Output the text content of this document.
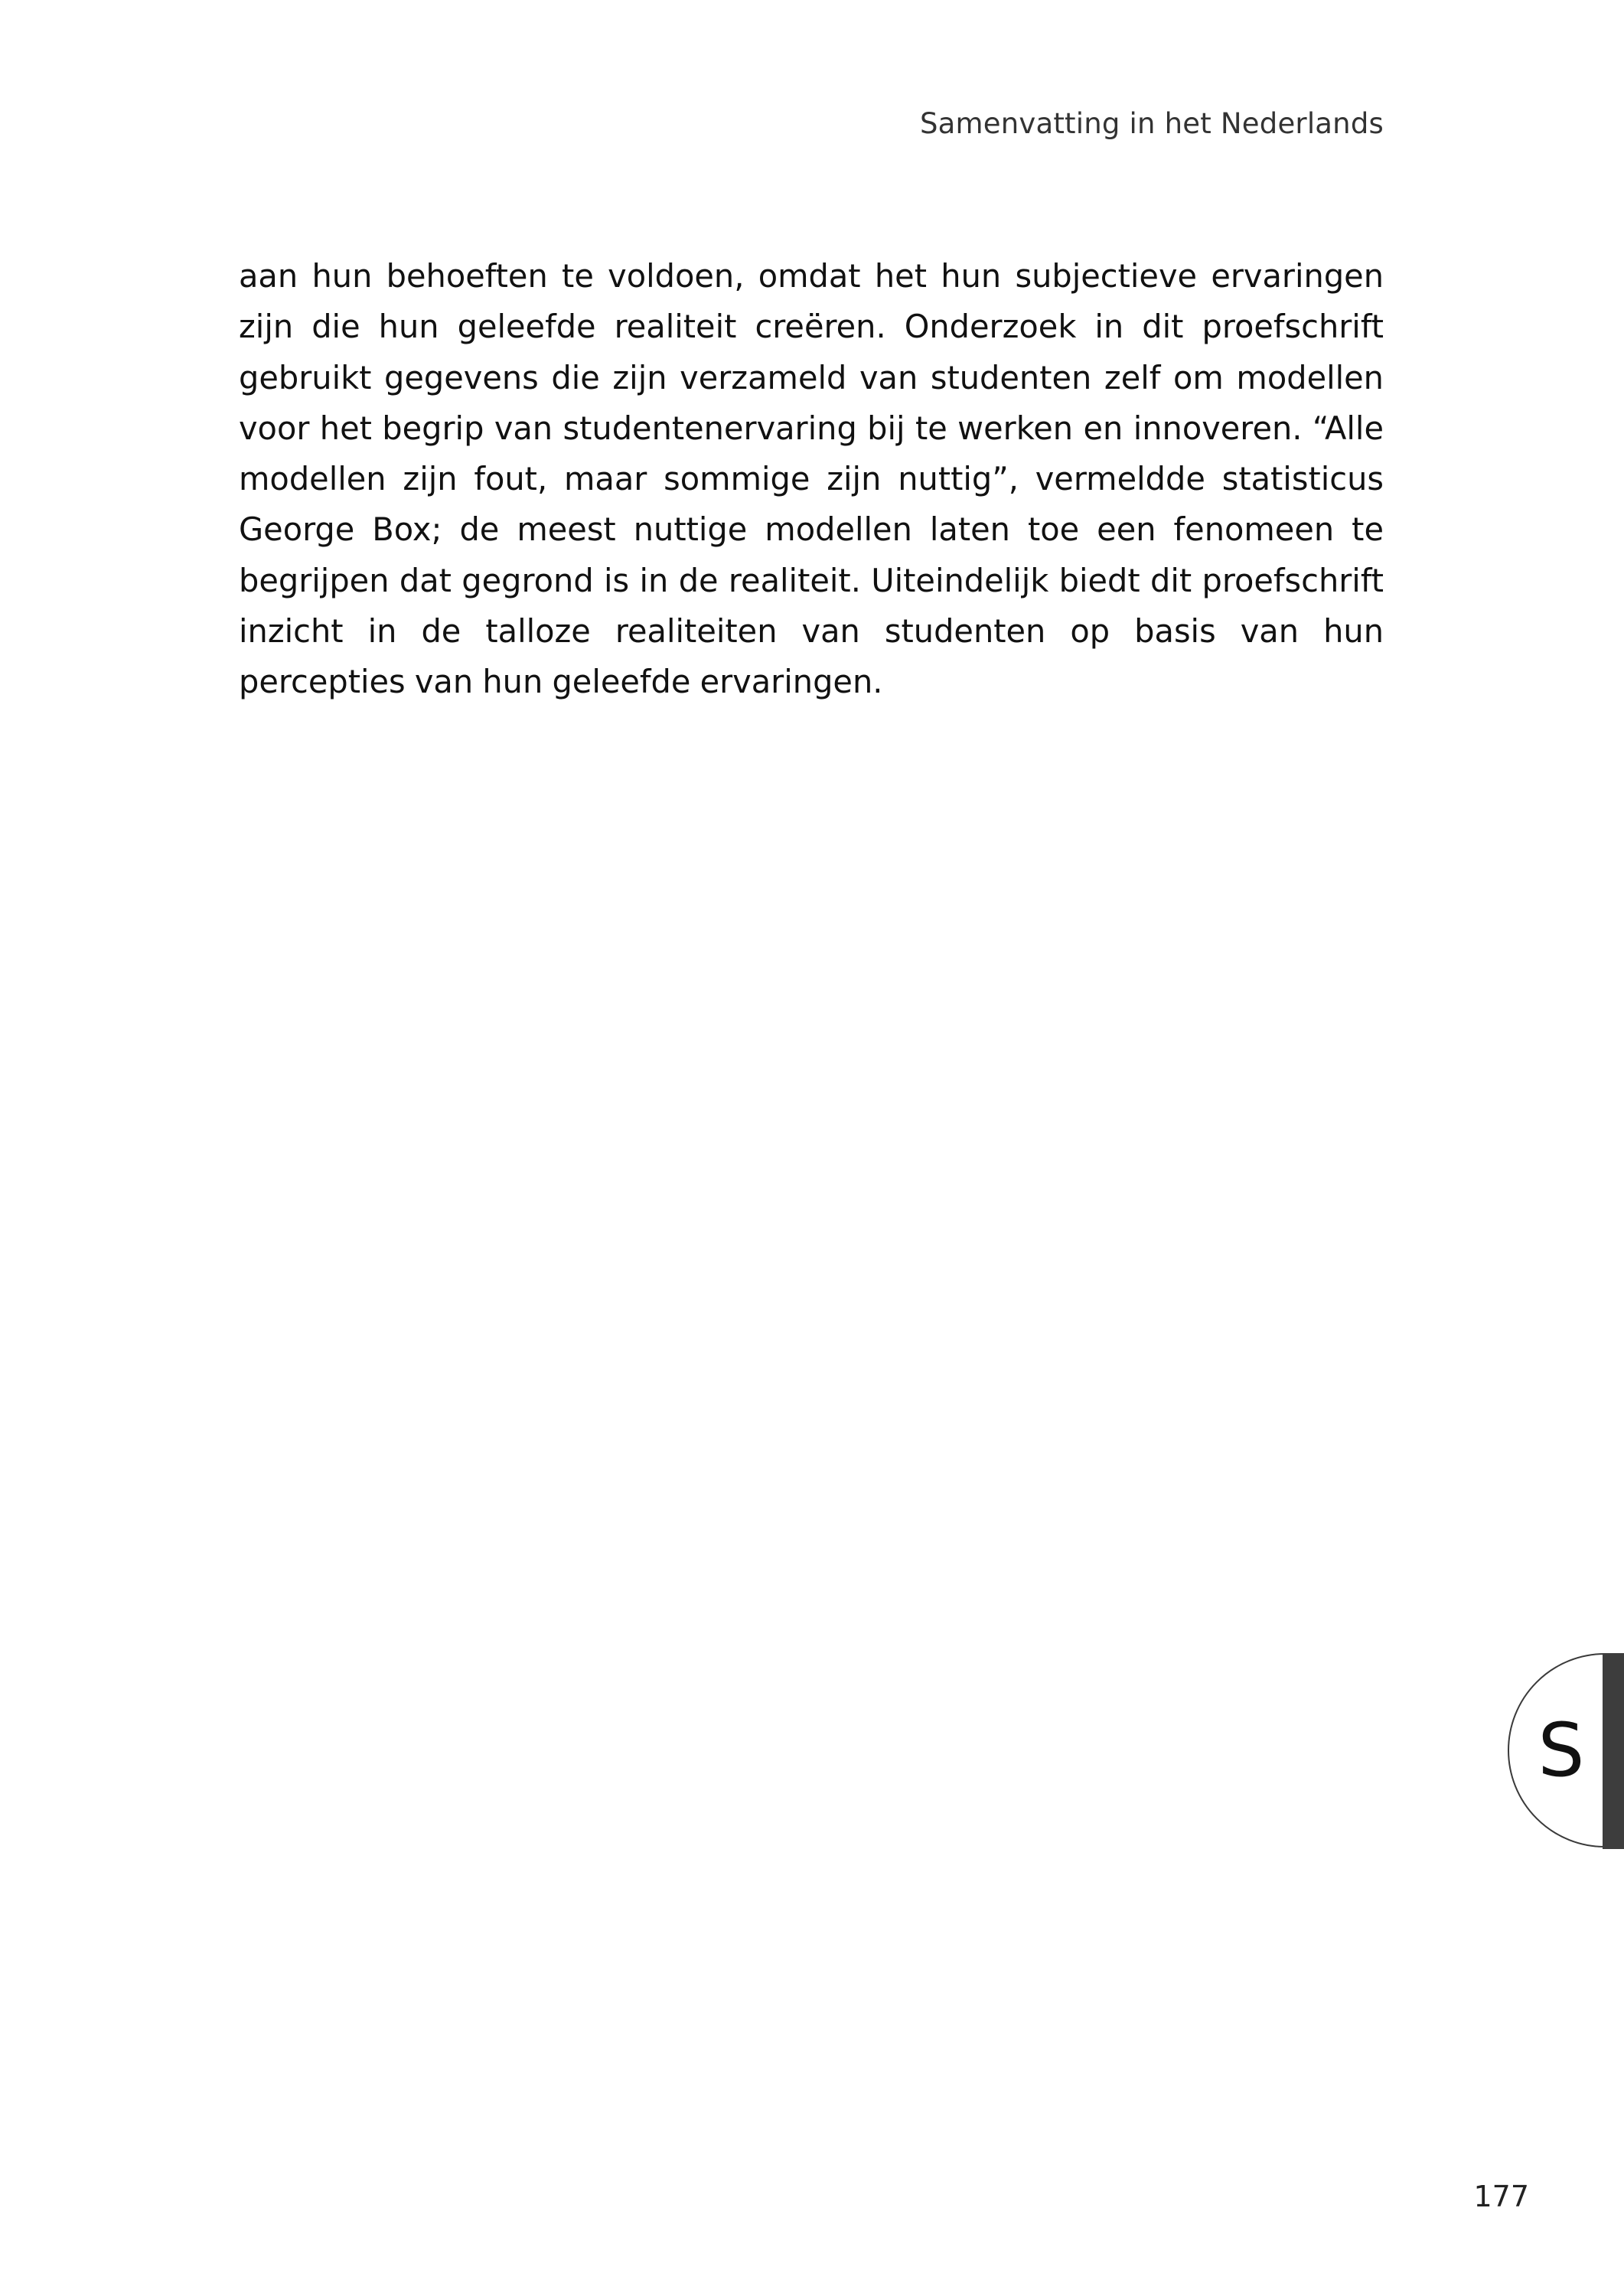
Samenvatting in het Nederlands

aan hun behoeften te voldoen, omdat het hun subjectieve ervaringen zijn die hun geleefde realiteit creëren. Onderzoek in dit proefschrift gebruikt gegevens die zijn verzameld van studenten zelf om modellen voor het begrip van studentenervaring bij te werken en innoveren. “Alle modellen zijn fout, maar sommige zijn nuttig”, vermeldde statisticus George Box; de meest nuttige modellen laten toe een fenomeen te begrijpen dat gegrond is in de realiteit. Uiteindelijk biedt dit proefschrift inzicht in de talloze realiteiten van studenten op basis van hun percepties van hun geleefde ervaringen.

S
177
